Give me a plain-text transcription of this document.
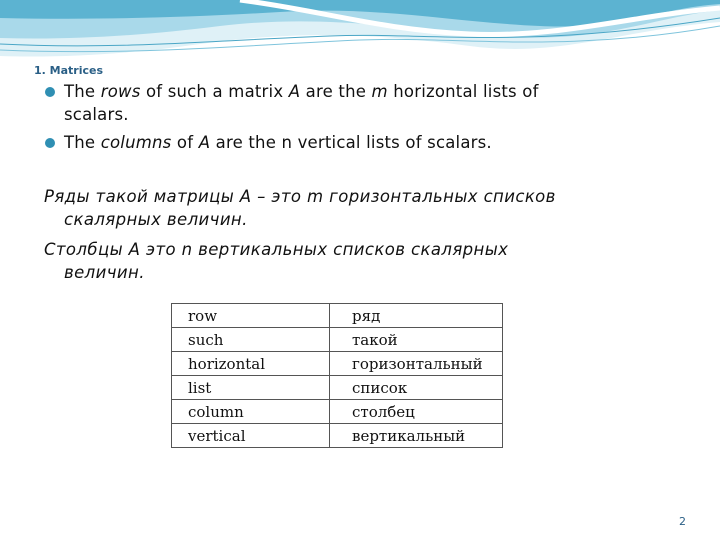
1. Matrices
The rows of such a matrix A are the m horizontal lists of
scalars.
The columns of A are the n vertical lists of scalars.
Ряды такой матрицы A – это m горизонтальных списков
скалярных величин.
Столбцы A это n вертикальных списков скалярных
величин.
row	ряд
such	такой
horizontal	горизонтальный
list	список
column	столбец
vertical	вертикальный
2
